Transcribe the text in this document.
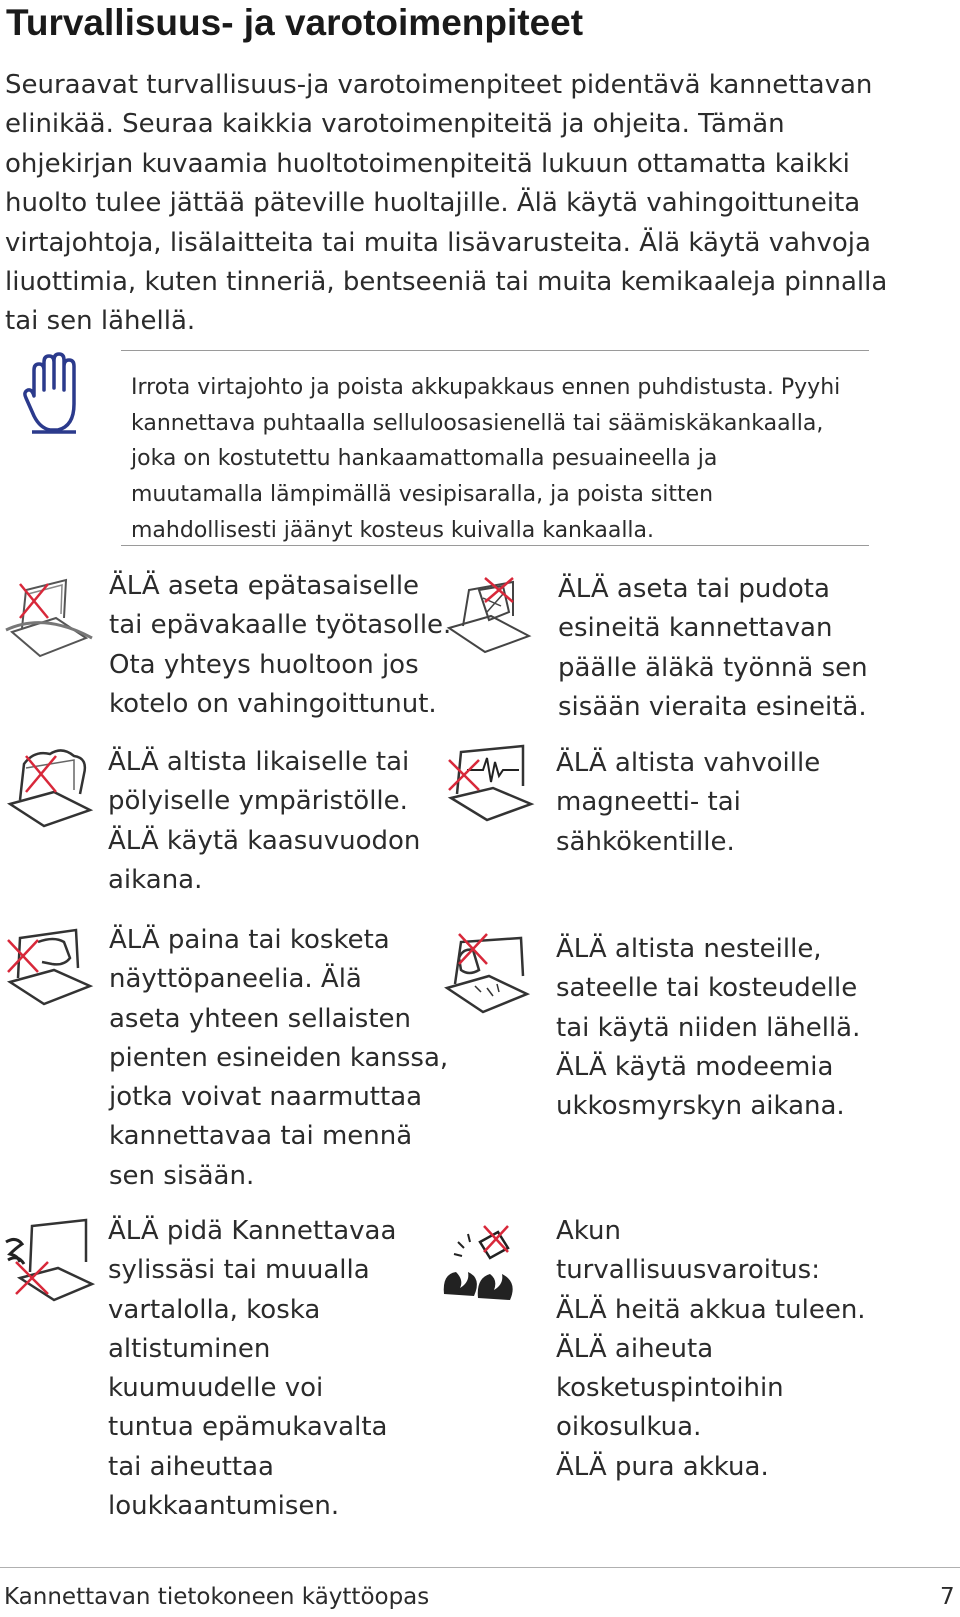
Turvallisuus- ja varotoimenpiteet
Seuraavat turvallisuus-ja varotoimenpiteet pidentävä kannettavan
elinikää. Seuraa kaikkia varotoimenpiteitä ja ohjeita. Tämän
ohjekirjan kuvaamia huoltotoimenpiteitä lukuun ottamatta kaikki
huolto tulee jättää päteville huoltajille. Älä käytä vahingoittuneita
virtajohtoja, lisälaitteita tai muita lisävarusteita. Älä käytä vahvoja
liuottimia, kuten tinneriä, bentseeniä tai muita kemikaaleja pinnalla
tai sen lähellä.
Irrota virtajohto ja poista akkupakkaus ennen puhdistusta. Pyyhi
kannettava puhtaalla selluloosasienellä tai säämiskäkankaalla,
joka on kostutettu hankaamattomalla pesuaineella ja
muutamalla lämpimällä vesipisaralla, ja poista sitten
mahdollisesti jäänyt kosteus kuivalla kankaalla.
ÄLÄ aseta epätasaiselle
tai epävakaalle työtasolle.
Ota yhteys huoltoon jos
kotelo on vahingoittunut.
ÄLÄ aseta tai pudota
esineitä kannettavan
päälle äläkä työnnä sen
sisään vieraita esineitä.
ÄLÄ altista likaiselle tai
pölyiselle ympäristölle.
ÄLÄ käytä kaasuvuodon
aikana.
ÄLÄ altista vahvoille
magneetti- tai
sähkökentille.
ÄLÄ paina tai kosketa
näyttöpaneelia. Älä
aseta yhteen sellaisten
pienten esineiden kanssa,
jotka voivat naarmuttaa
kannettavaa tai mennä
sen sisään.
ÄLÄ altista nesteille,
sateelle tai kosteudelle
tai käytä niiden lähellä.
ÄLÄ käytä modeemia
ukkosmyrskyn aikana.
ÄLÄ pidä Kannettavaa
sylissäsi tai muualla
vartalolla, koska
altistuminen
kuumuudelle voi
tuntua epämukavalta
tai aiheuttaa
loukkaantumisen.
Akun
turvallisuusvaroitus:
ÄLÄ heitä akkua tuleen.
ÄLÄ aiheuta
kosketuspintoihin
oikosulkua.
ÄLÄ pura akkua.
Kannettavan tietokoneen käyttöopas	7
